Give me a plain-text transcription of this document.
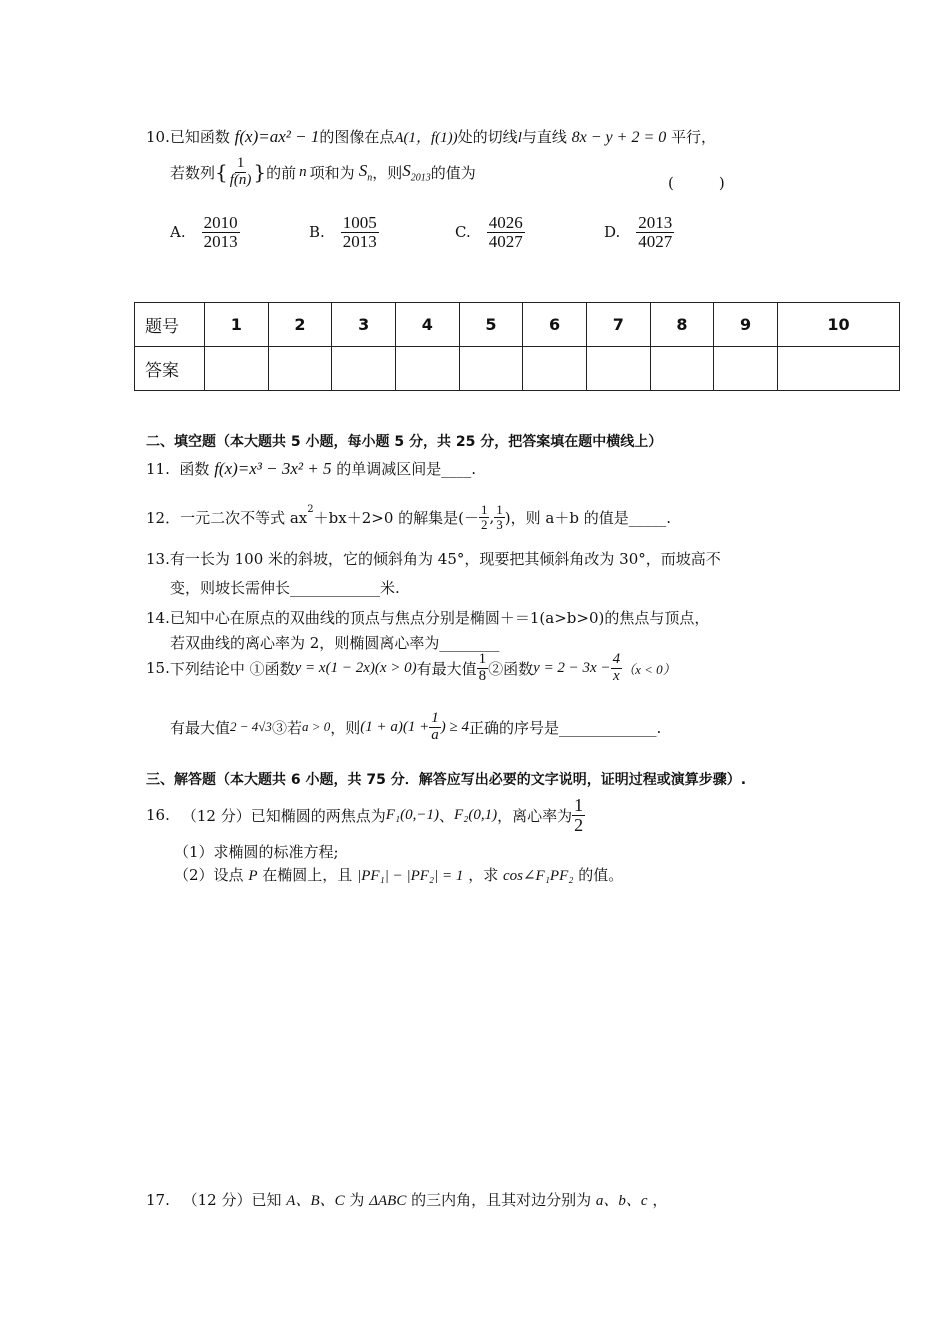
10.已知函数 f(x)=ax² − 1的图像在点A(1，f(1))处的切线l与直线 8x − y + 2 = 0 平行，
若数列 { $\frac{1}{f(n)}$ } 的前 n 项和为 $S_n$ ，则 $S_{2013}$ 的值为
(　　　)
A. $\frac{2010}{2013}$	B. $\frac{1005}{2013}$	C. $\frac{4026}{4027}$	D. $\frac{2013}{4027}$
题号	1	2	3	4	5	6	7	8	9	10
答案										
二、填空题（本大题共 5 小题，每小题 5 分，共 25 分，把答案填在题中横线上）
11. 函数 f(x)=x³ − 3x² + 5 的单调减区间是____.
12． 一元二次不等式 $ax^2 +bx+2>0$ 的解集是(－ $\frac{1}{2}$ , $\frac{1}{3}$ )，则 a＋b 的值是_____.
13.有一长为 100 米的斜坡，它的倾斜角为 45°，现要把其倾斜角改为 30°，而坡高不
变，则坡长需伸长____________米.
14.已知中心在原点的双曲线的顶点与焦点分别是椭圆＋＝1(a>b>0)的焦点与顶点，
若双曲线的离心率为 2，则椭圆离心率为________
15. 下列结论中 ①函数 y = x(1 − 2x)(x > 0) 有最大值 $\frac{1}{8}$ ②函数 $y = 2 - 3x - \frac{4}{x} (x < 0)$
有最大值 2 − 4√3 ③若 a > 0 ，则 $(1 + a)(1 + \frac{1}{a}$ ) ≥ 4 正确的序号是_____________.
三、解答题（本大题共 6 小题，共 75 分．解答应写出必要的文字说明，证明过程或演算步骤）.
16. （12 分）已知椭圆的两焦点为 F₁(0,−1) 、 F₂(0,1) ，离心率为 $\frac{1}{2}$
（1）求椭圆的标准方程;
（2）设点 P 在椭圆上，且 |PF₁| − |PF₂| = 1 ，求 cos∠F₁PF₂ 的值。
17. （12 分）已知 A、B、C 为 ΔABC 的三内角，且其对边分别为 a、b、c ，
